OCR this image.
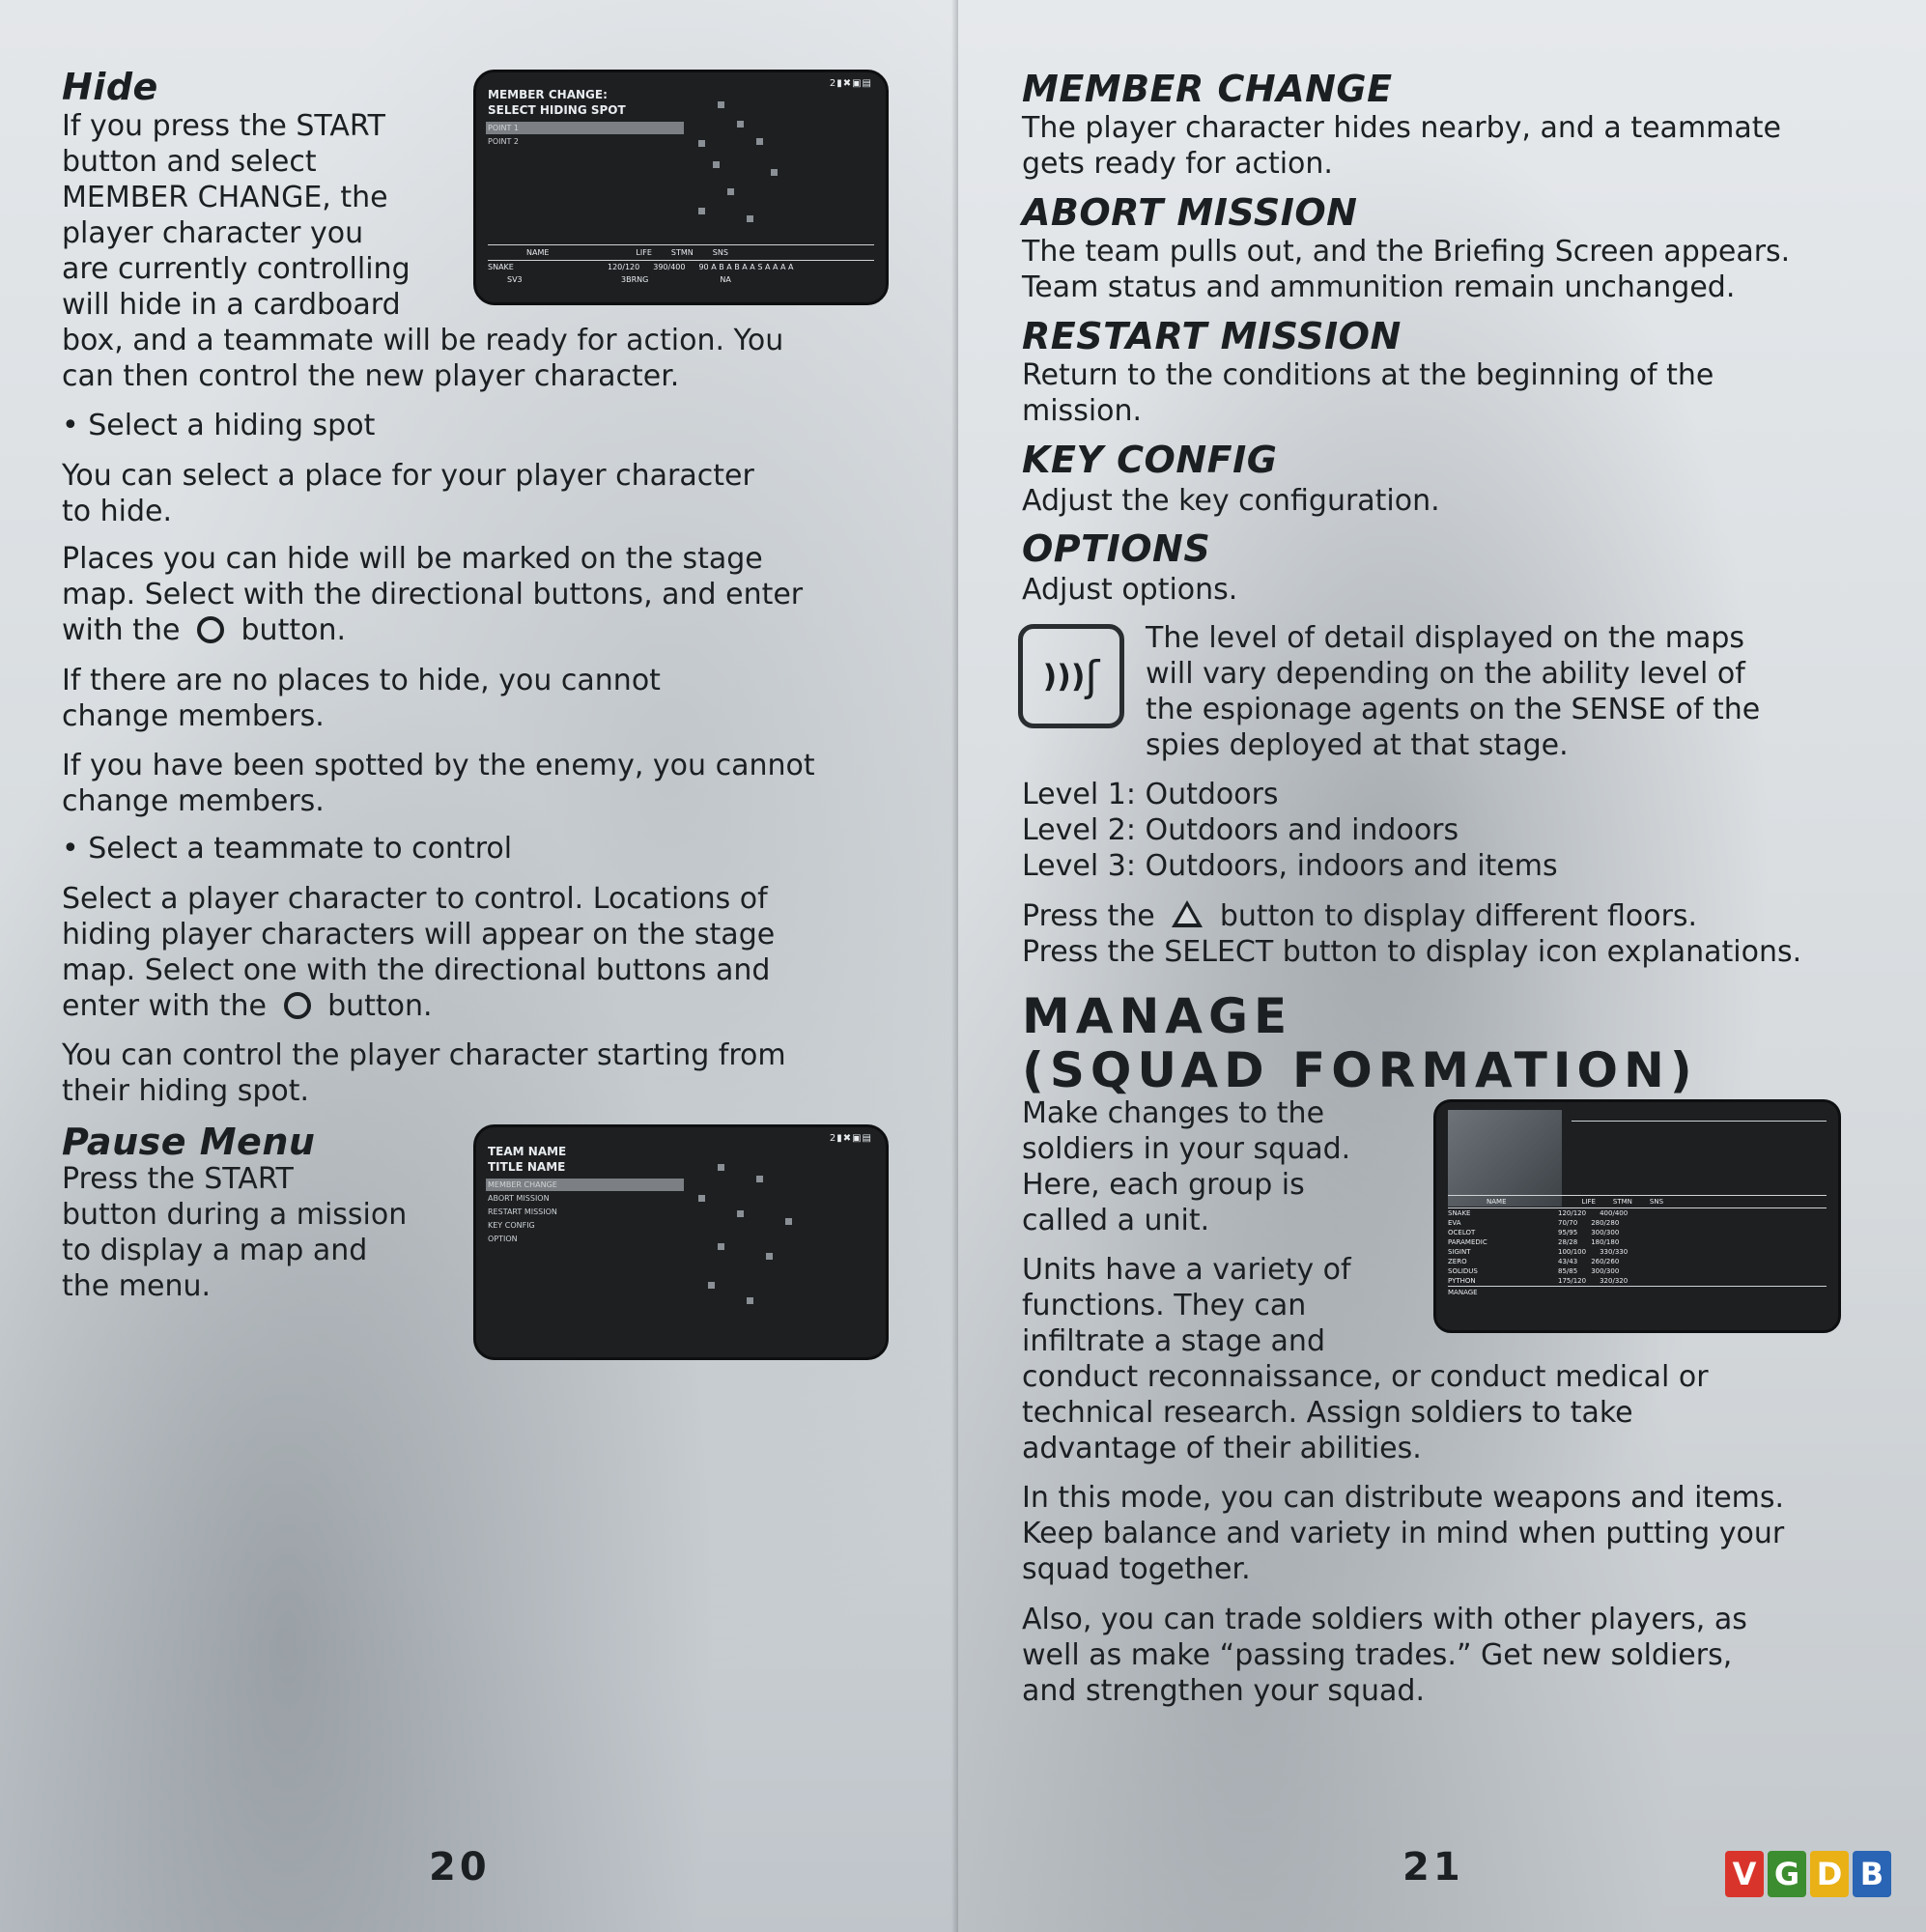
Hide

If you press the START

button and select

MEMBER CHANGE, the

player character you

are currently controlling

will hide in a cardboard

box, and a teammate will be ready for action. You

can then control the new player character.

2▮✖▣▤
MEMBER CHANGE:
SELECT HIDING SPOT
POINT 1
POINT 2
NAME	LIFE	STMN	SNS
SNAKE	120/120 390/400 90 A B A B A A S A A A A
SV3	3BRNG	NA

• Select a hiding spot

You can select a place for your player character

to hide.

Places you can hide will be marked on the stage

map. Select with the directional buttons, and enter

with the button.

If there are no places to hide, you cannot

change members.

If you have been spotted by the enemy, you cannot

change members.

• Select a teammate to control

Select a player character to control. Locations of

hiding player characters will appear on the stage

map. Select one with the directional buttons and

enter with the button.

You can control the player character starting from

their hiding spot.

Pause Menu

Press the START

button during a mission

to display a map and

the menu.

2▮✖▣▤
TEAM NAME
TITLE NAME
MEMBER CHANGE
ABORT MISSION
RESTART MISSION
KEY CONFIG
OPTION
20
MEMBER CHANGE

The player character hides nearby, and a teammate

gets ready for action.

ABORT MISSION

The team pulls out, and the Briefing Screen appears.

Team status and ammunition remain unchanged.

RESTART MISSION

Return to the conditions at the beginning of the

mission.

KEY CONFIG

Adjust the key configuration.

OPTIONS

Adjust options.

))) ʃ

The level of detail displayed on the maps

will vary depending on the ability level of

the espionage agents on the SENSE of the

spies deployed at that stage.

Level 1: Outdoors

Level 2: Outdoors and indoors

Level 3: Outdoors, indoors and items

Press the button to display different floors.

Press the SELECT button to display icon explanations.

MANAGE
(SQUAD FORMATION)

Make changes to the

soldiers in your squad.

Here, each group is

called a unit.

Units have a variety of

functions. They can

infiltrate a stage and

conduct reconnaissance, or conduct medical or

technical research. Assign soldiers to take

advantage of their abilities.

In this mode, you can distribute weapons and items.

Keep balance and variety in mind when putting your

squad together.

Also, you can trade soldiers with other players, as

well as make “passing trades.” Get new soldiers,

and strengthen your squad.

NAME	LIFE	STMN	SNS
SNAKE	120/120 400/400
EVA	70/70 280/280
OCELOT	95/95 300/300
PARAMEDIC	28/28 180/180
SIGINT	100/100 330/330
ZERO	43/43 260/260
SOLIDUS	85/85 300/300
PYTHON	175/120 320/320
MANAGE
21	V G D B
